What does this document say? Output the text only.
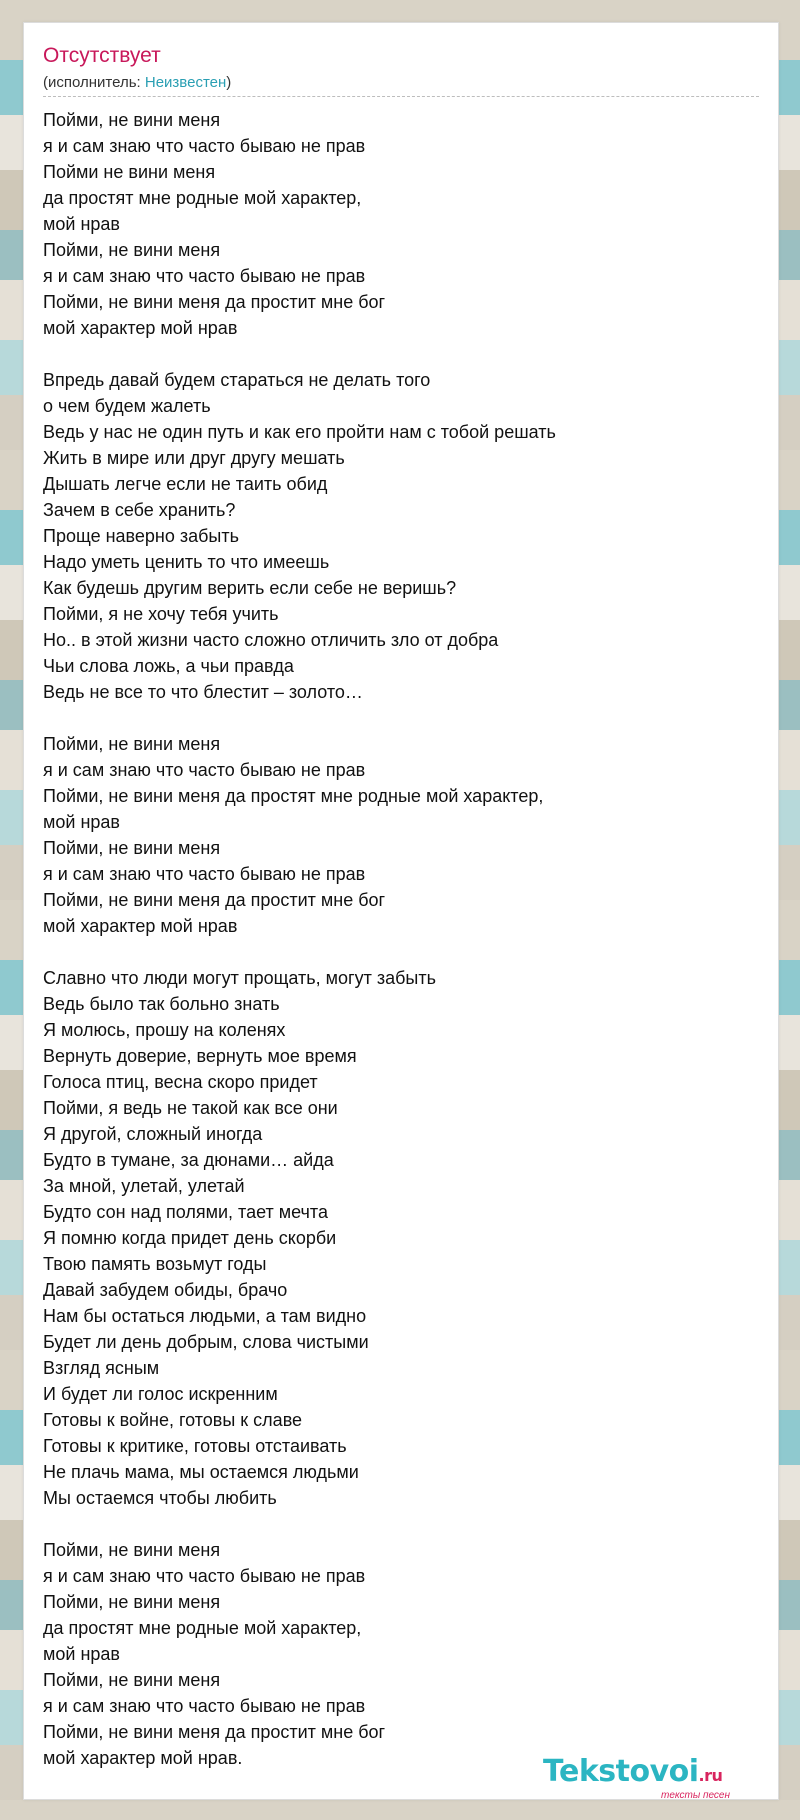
Отсутствует
(исполнитель: Неизвестен)
Пойми, не вини меня
я и сам знаю что часто бываю не прав
Пойми не вини меня
да простят мне родные мой характер,
мой нрав
Пойми, не вини меня
я и сам знаю что часто бываю не прав
Пойми, не вини меня да простит мне бог
мой характер мой нрав
Впредь давай будем стараться не делать того
о чем будем жалеть
Ведь у нас не один путь и как его пройти нам с тобой решать
Жить в мире или друг другу мешать
Дышать легче если не таить обид
Зачем в себе хранить?
Проще наверно забыть
Надо уметь ценить то что имеешь
Как будешь другим верить если себе не веришь?
Пойми, я не хочу тебя учить
Но.. в этой жизни часто сложно отличить зло от добра
Чьи слова ложь, а чьи правда
Ведь не все то что блестит – золото…
Пойми, не вини меня
я и сам знаю что часто бываю не прав
Пойми, не вини меня да простят мне родные мой характер,
мой нрав
Пойми, не вини меня
я и сам знаю что часто бываю не прав
Пойми, не вини меня да простит мне бог
мой характер мой нрав
Славно что люди могут прощать, могут забыть
Ведь было так больно знать
Я молюсь, прошу на коленях
Вернуть доверие, вернуть мое время
Голоса птиц, весна скоро придет
Пойми, я ведь не такой как все они
Я другой, сложный иногда
Будто в тумане, за дюнами… айда
За мной, улетай, улетай
Будто сон над полями, тает мечта
Я помню когда придет день скорби
Твою память возьмут годы
Давай забудем обиды, брачо
Нам бы остаться людьми, а там видно
Будет ли день добрым, слова чистыми
Взгляд ясным
И будет ли голос искренним
Готовы к войне, готовы к славе
Готовы к критике, готовы отстаивать
Не плачь мама, мы остаемся людьми
Мы остаемся чтобы любить
Пойми, не вини меня
я и сам знаю что часто бываю не прав
Пойми, не вини меня
да простят мне родные мой характер,
мой нрав
Пойми, не вини меня
я и сам знаю что часто бываю не прав
Пойми, не вини меня да простит мне бог
мой характер мой нрав.	Tekstovoi.ru
тексты песен
